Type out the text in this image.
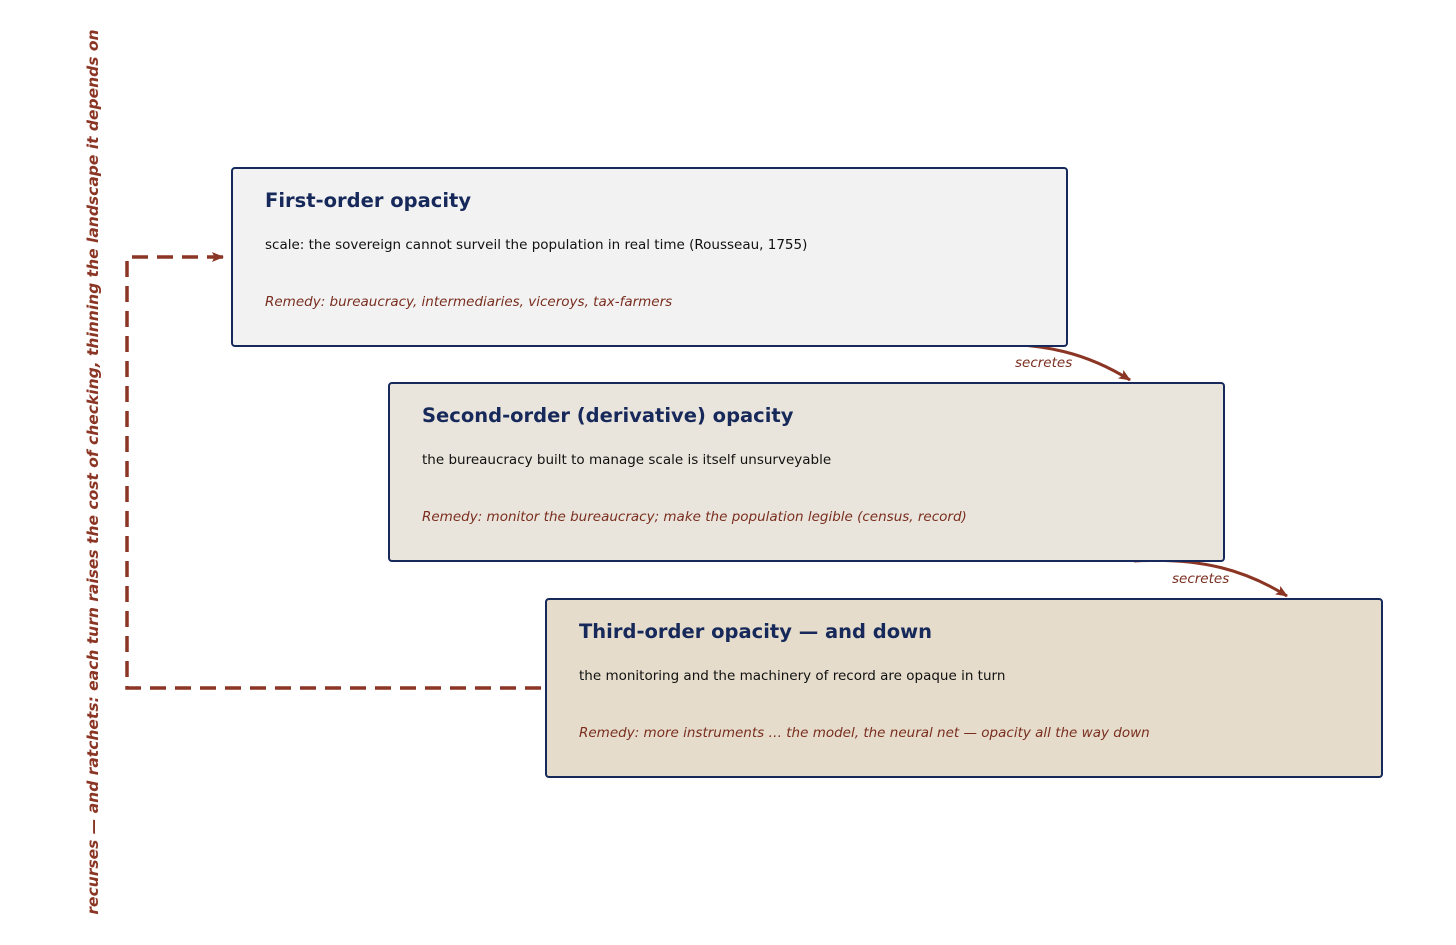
First-order opacity
scale: the sovereign cannot surveil the population in real time (Rousseau, 1755)
Remedy: bureaucracy, intermediaries, viceroys, tax-farmers
Second-order (derivative) opacity
the bureaucracy built to manage scale is itself unsurveyable
Remedy: monitor the bureaucracy; make the population legible (census, record)
Third-order opacity — and down
the monitoring and the machinery of record are opaque in turn
Remedy: more instruments … the model, the neural net — opacity all the way down
secretes
secretes
recurses — and ratchets: each turn raises the cost of checking, thinning the landscape it depends on
